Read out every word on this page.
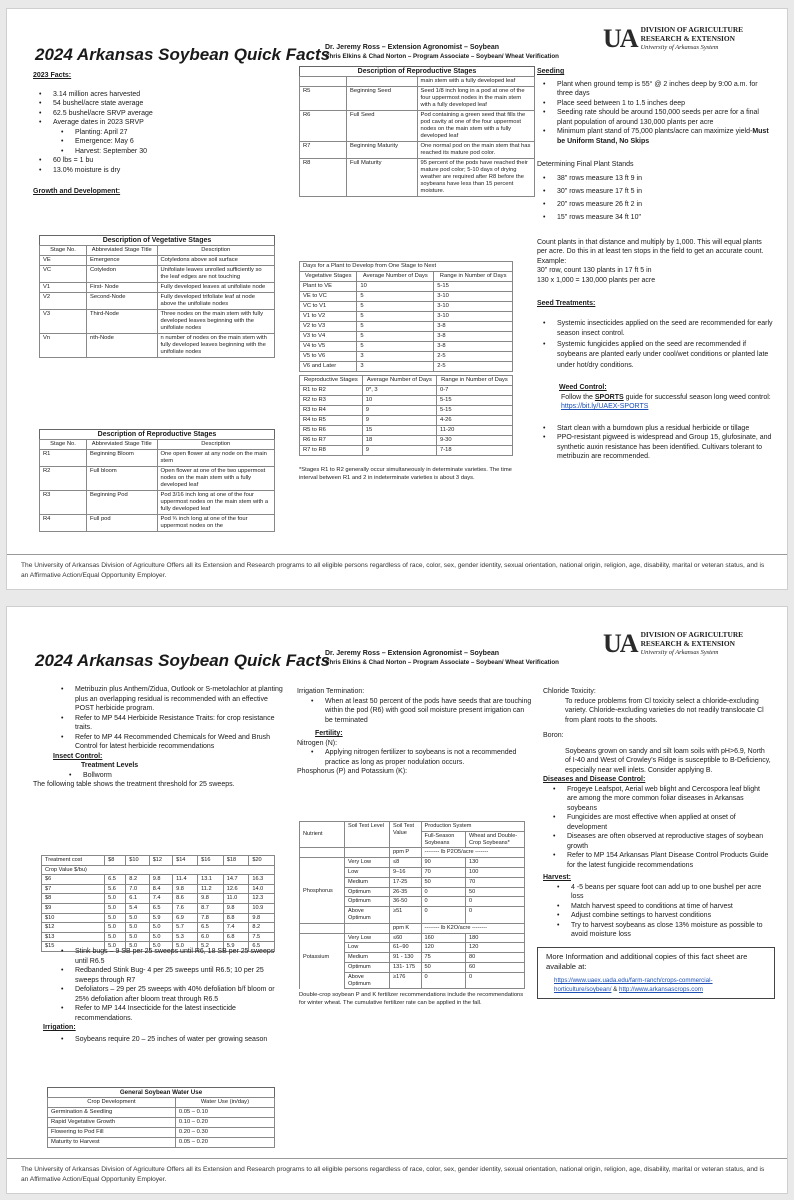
2024 Arkansas Soybean Quick Facts
Dr. Jeremy Ross – Extension Agronomist – Soybean
Chris Elkins & Chad Norton – Program Associate – Soybean/ Wheat Verification
UA DIVISION OF AGRICULTURE
RESEARCH & EXTENSION
University of Arkansas System
2023 Facts:
• 3.14 million acres harvested
• 54 bushel/acre state average
• 62.5 bushel/acre SRVP average
• Average dates in 2023 SRVP
• Planting: April 27
• Emergence: May 6
• Harvest: September 30
• 60 lbs = 1 bu
• 13.0% moisture is dry
Growth and Development:
Description of Vegetative Stages
Stage No.	Abbreviated Stage Title	Description
VE	Emergence	Cotyledons above soil surface
VC	Cotyledon	Unifoliate leaves unrolled sufficiently so the leaf edges are not touching
V1	First- Node	Fully developed leaves at unifoliate node
V2	Second-Node	Fully developed trifoliate leaf at node above the unifoliate nodes
V3	Third-Node	Three nodes on the main stem with fully developed leaves beginning with the unifoliate nodes
Vn	nth-Node	n number of nodes on the main stem with fully developed leaves beginning with the unifoliate nodes
Description of Reproductive Stages
Stage No.	Abbreviated Stage Title	Description
R1	Beginning Bloom	One open flower at any node on the main stem
R2	Full bloom	Open flower at one of the two uppermost nodes on the main stem with a fully developed leaf
R3	Beginning Pod	Pod 3/16 inch long at one of the four uppermost nodes on the main stem with a fully developed leaf
R4	Full pod	Pod ¾ inch long at one of the four uppermost nodes on the
Description of Reproductive Stages
		main stem with a fully developed leaf
R5	Beginning Seed	Seed 1/8 inch long in a pod at one of the four uppermost nodes in the main stem with a fully developed leaf
R6	Full Seed	Pod containing a green seed that fills the pod cavity at one of the four uppermost nodes on the main stem with a fully developed leaf
R7	Beginning Maturity	One normal pod on the main stem that has reached its mature pod color.
R8	Full Maturity	95 percent of the pods have reached their mature pod color; 5-10 days of drying weather are required after R8 before the soybeans have less than 15 percent moisture.
Days for a Plant to Develop from One Stage to Next		
Vegetative Stages	Average Number of Days	Range in Number of Days
Plant to VE	10	5-15
VE to VC	5	3-10
VC to V1	5	3-10
V1 to V2	5	3-10
V2 to V3	5	3-8
V3 to V4	5	3-8
V4 to V5	5	3-8
V5 to V6	3	2-5
V6 and Later	3	2-5
Reproductive Stages	Average Number of Days	Range in Number of Days
R1 to R2	0*, 3	0-7
R2 to R3	10	5-15
R3 to R4	9	5-15
R4 to R5	9	4-26
R5 to R6	15	11-20
R6 to R7	18	9-30
R7 to R8	9	7-18
*Stages R1 to R2 generally occur simultaneously in determinate varieties. The time interval between R1 and 2 in indeterminate varieties is about 3 days.
Seeding
• Plant when ground temp is 55° @ 2 inches deep by 9:00 a.m. for three days
• Place seed between 1 to 1.5 inches deep
• Seeding rate should be around 150,000 seeds per acre for a final plant population of around 130,000 plants per acre
• Minimum plant stand of 75,000 plants/acre can maximize yield-Must be Uniform Stand, No Skips
Determining Final Plant Stands
• 38" rows measure 13 ft 9 in
• 30" rows measure 17 ft 5 in
• 20" rows measure 26 ft 2 in
• 15" rows measure 34 ft 10"
Count plants in that distance and multiply by 1,000. This will equal plants per acre. Do this in at least ten stops in the field to get an accurate count. Example:
30" row, count 130 plants in 17 ft 5 in
130 x 1,000 = 130,000 plants per acre
Seed Treatments:
• Systemic insecticides applied on the seed are recommended for early season insect control.
• Systemic fungicides applied on the seed are recommended if soybeans are planted early under cool/wet conditions or planted late under hot/dry conditions.
Weed Control:
Follow the SPORTS guide for successful season long weed control: https://bit.ly/UAEX-SPORTS
• Start clean with a burndown plus a residual herbicide or tillage
• PPO-resistant pigweed is widespread and Group 15, glufosinate, and synthetic auxin resistance has been identified. Cultivars tolerant to metribuzin are recommended.
The University of Arkansas Division of Agriculture Offers all its Extension and Research programs to all eligible persons regardless of race, color, sex, gender identity, sexual orientation, national origin, religion, age, disability, marital or veteran status, and is an Affirmative Action/Equal Opportunity Employer.
2024 Arkansas Soybean Quick Facts
Dr. Jeremy Ross – Extension Agronomist – Soybean
Chris Elkins & Chad Norton – Program Associate – Soybean/ Wheat Verification
UA DIVISION OF AGRICULTURE
RESEARCH & EXTENSION
University of Arkansas System
• Metribuzin plus Anthem/Zidua, Outlook or S-metolachlor at planting plus an overlapping residual is recommended with an effective POST herbicide program.
• Refer to MP 544 Herbicide Resistance Traits: for crop resistance traits.
• Refer to MP 44 Recommended Chemicals for Weed and Brush Control for latest herbicide recommendations
Insect Control:
Treatment Levels
• Bollworm
The following table shows the treatment threshold for 25 sweeps.
Treatment cost	$8	$10	$12	$14	$16	$18	$20
Crop Value $/bu)							
$6	6.5	8.2	9.8	11.4	13.1	14.7	16.3
$7	5.6	7.0	8.4	9.8	11.2	12.6	14.0
$8	5.0	6.1	7.4	8.6	9.8	11.0	12.3
$9	5.0	5.4	6.5	7.6	8.7	9.8	10.9
$10	5.0	5.0	5.9	6.9	7.8	8.8	9.8
$12	5.0	5.0	5.0	5.7	6.5	7.4	8.2
$13	5.0	5.0	5.0	5.3	6.0	6.8	7.5
$15	5.0	5.0	5.0	5.0	5.2	5.9	6.5
• Stink bugs – 9 SB per 25 sweeps until R6, 18 SB per 25 sweeps until R6.5
• Redbanded Stink Bug- 4 per 25 sweeps until R6.5; 10 per 25 sweeps through R7
• Defoliators – 29 per 25 sweeps with 40% defoliation b/f bloom or 25% defoliation after bloom treat through R6.5
• Refer to MP 144 Insecticide for the latest insecticide recommendations.
Irrigation:
• Soybeans require 20 – 25 inches of water per growing season
General Soybean Water Use
Crop Development	Water Use (in/day)
Germination & Seedling	0.05 – 0.10
Rapid Vegetative Growth	0.10 – 0.20
Flowering to Pod Fill	0.20 – 0.30
Maturity to Harvest	0.05 – 0.20
Irrigation Termination:
• When at least 50 percent of the pods have seeds that are touching within the pod (R6) with good soil moisture present irrigation can be terminated
Fertility:
Nitrogen (N):
• Applying nitrogen fertilizer to soybeans is not a recommended practice as long as proper nodulation occurs.
Phosphorus (P) and Potassium (K):
Nutrient	Soil Test Level	Soil Test Value	Production System	
			Full-Season Soybeans	Wheat and Double-Crop Soybeans*
		ppm P	-------- lb P2O5/acre -------	
	Very Low	≤8	90	130
	Low	9–16	70	100
	Medium	17-25	50	70
Phosphorus	Optimum	26-35	0	50
	Optimum	36-50	0	0
	Above Optimum	≥51	0	0
		ppm K	-------- lb K2O/acre --------	
	Very Low	≤60	160	180
	Low	61–90	120	120
Potassium	Medium	91 - 130	75	80
	Optimum	131- 175	50	60
	Above Optimum	≥176	0	0
Double-crop soybean P and K fertilizer recommendations include the recommendations for winter wheat. The cumulative fertilizer rate can be applied in the fall.
Chloride Toxicity:
To reduce problems from Cl toxicity select a chloride-excluding variety. Chloride-excluding varieties do not readily translocate Cl from plant roots to the shoots.
Boron:
Soybeans grown on sandy and silt loam soils with pH>6.9, North of I-40 and West of Crowley's Ridge is susceptible to B-Deficiency, especially near well inlets. Consider applying B.
Diseases and Disease Control:
• Frogeye Leafspot, Aerial web blight and Cercospora leaf blight are among the more common foliar diseases in Arkansas soybeans
• Fungicides are most effective when applied at onset of development
• Diseases are often observed at reproductive stages of soybean growth
• Refer to MP 154 Arkansas Plant Disease Control Products Guide for the latest fungicide recommendations
Harvest:
• 4 -5 beans per square foot can add up to one bushel per acre loss
• Match harvest speed to conditions at time of harvest
• Adjust combine settings to harvest conditions
• Try to harvest soybeans as close 13% moisture as possible to avoid moisture loss
More Information and additional copies of this fact sheet are available at:
https://www.uaex.uada.edu/farm-ranch/crops-commercial-horticulture/soybean/ & http://www.arkansascrops.com
The University of Arkansas Division of Agriculture Offers all its Extension and Research programs to all eligible persons regardless of race, color, sex, gender identity, sexual orientation, national origin, religion, age, disability, marital or veteran status, and is an Affirmative Action/Equal Opportunity Employer.
